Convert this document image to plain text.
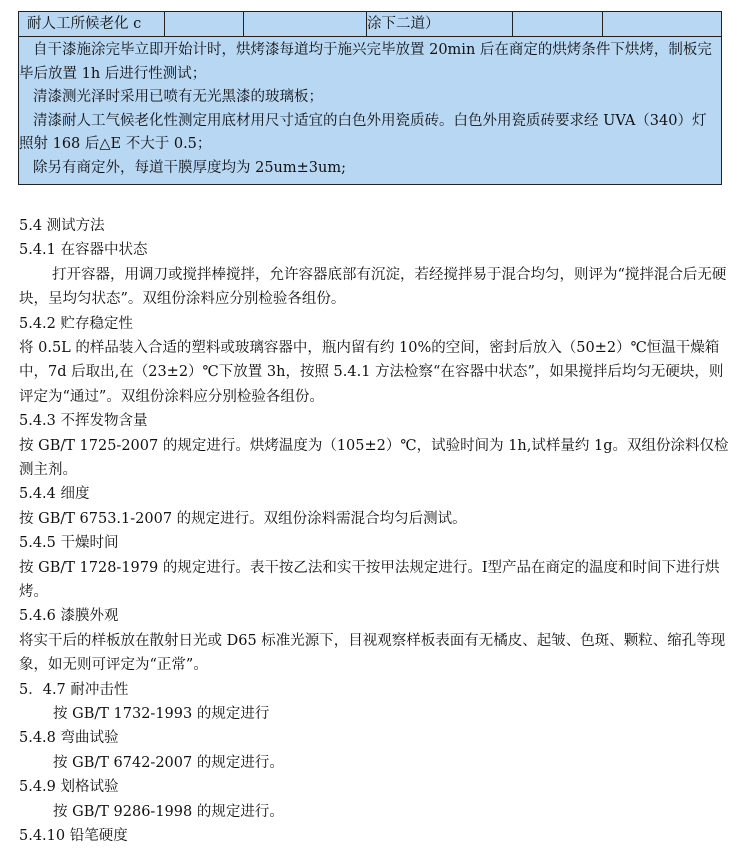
耐人工所候老化 c			涂下二道）		

自干漆施涂完毕立即开始计时，烘烤漆每道均于施兴完毕放置 20min 后在商定的烘烤条件下烘烤，制板完毕后放置 1h 后进行性测试；
清漆测光泽时采用已喷有无光黑漆的玻璃板；
清漆耐人工气候老化性测定用底材用尺寸适宜的白色外用瓷质砖。白色外用瓷质砖要求经 UVA（340）灯照射 168 后△E 不大于 0.5；
除另有商定外，每道干膜厚度均为 25um±3um;
5.4 测试方法
5.4.1 在容器中状态
打开容器，用调刀或搅拌棒搅拌，允许容器底部有沉淀，若经搅拌易于混合均匀，则评为“搅拌混合后无硬块，呈均匀状态”。双组份涂料应分别检验各组份。
5.4.2 贮存稳定性
将 0.5L 的样品装入合适的塑料或玻璃容器中，瓶内留有约 10%的空间，密封后放入（50±2）℃恒温干燥箱中，7d 后取出,在（23±2）℃下放置 3h，按照 5.4.1 方法检察“在容器中状态”，如果搅拌后均匀无硬块，则评定为“通过”。双组份涂料应分别检验各组份。
5.4.3 不挥发物含量
按 GB/T 1725-2007 的规定进行。烘烤温度为（105±2）℃，试验时间为 1h,试样量约 1g。双组份涂料仅检测主剂。
5.4.4 细度
按 GB/T 6753.1-2007 的规定进行。双组份涂料需混合均匀后测试。
5.4.5 干燥时间
按 GB/T 1728-1979 的规定进行。表干按乙法和实干按甲法规定进行。Ⅰ型产品在商定的温度和时间下进行烘烤。
5.4.6 漆膜外观
将实干后的样板放在散射日光或 D65 标准光源下，目视观察样板表面有无橘皮、起皱、色斑、颗粒、缩孔等现象，如无则可评定为“正常”。
5．4.7 耐冲击性
按 GB/T 1732-1993 的规定进行
5.4.8 弯曲试验
按 GB/T 6742-2007 的规定进行。
5.4.9 划格试验
按 GB/T 9286-1998 的规定进行。
5.4.10 铅笔硬度
